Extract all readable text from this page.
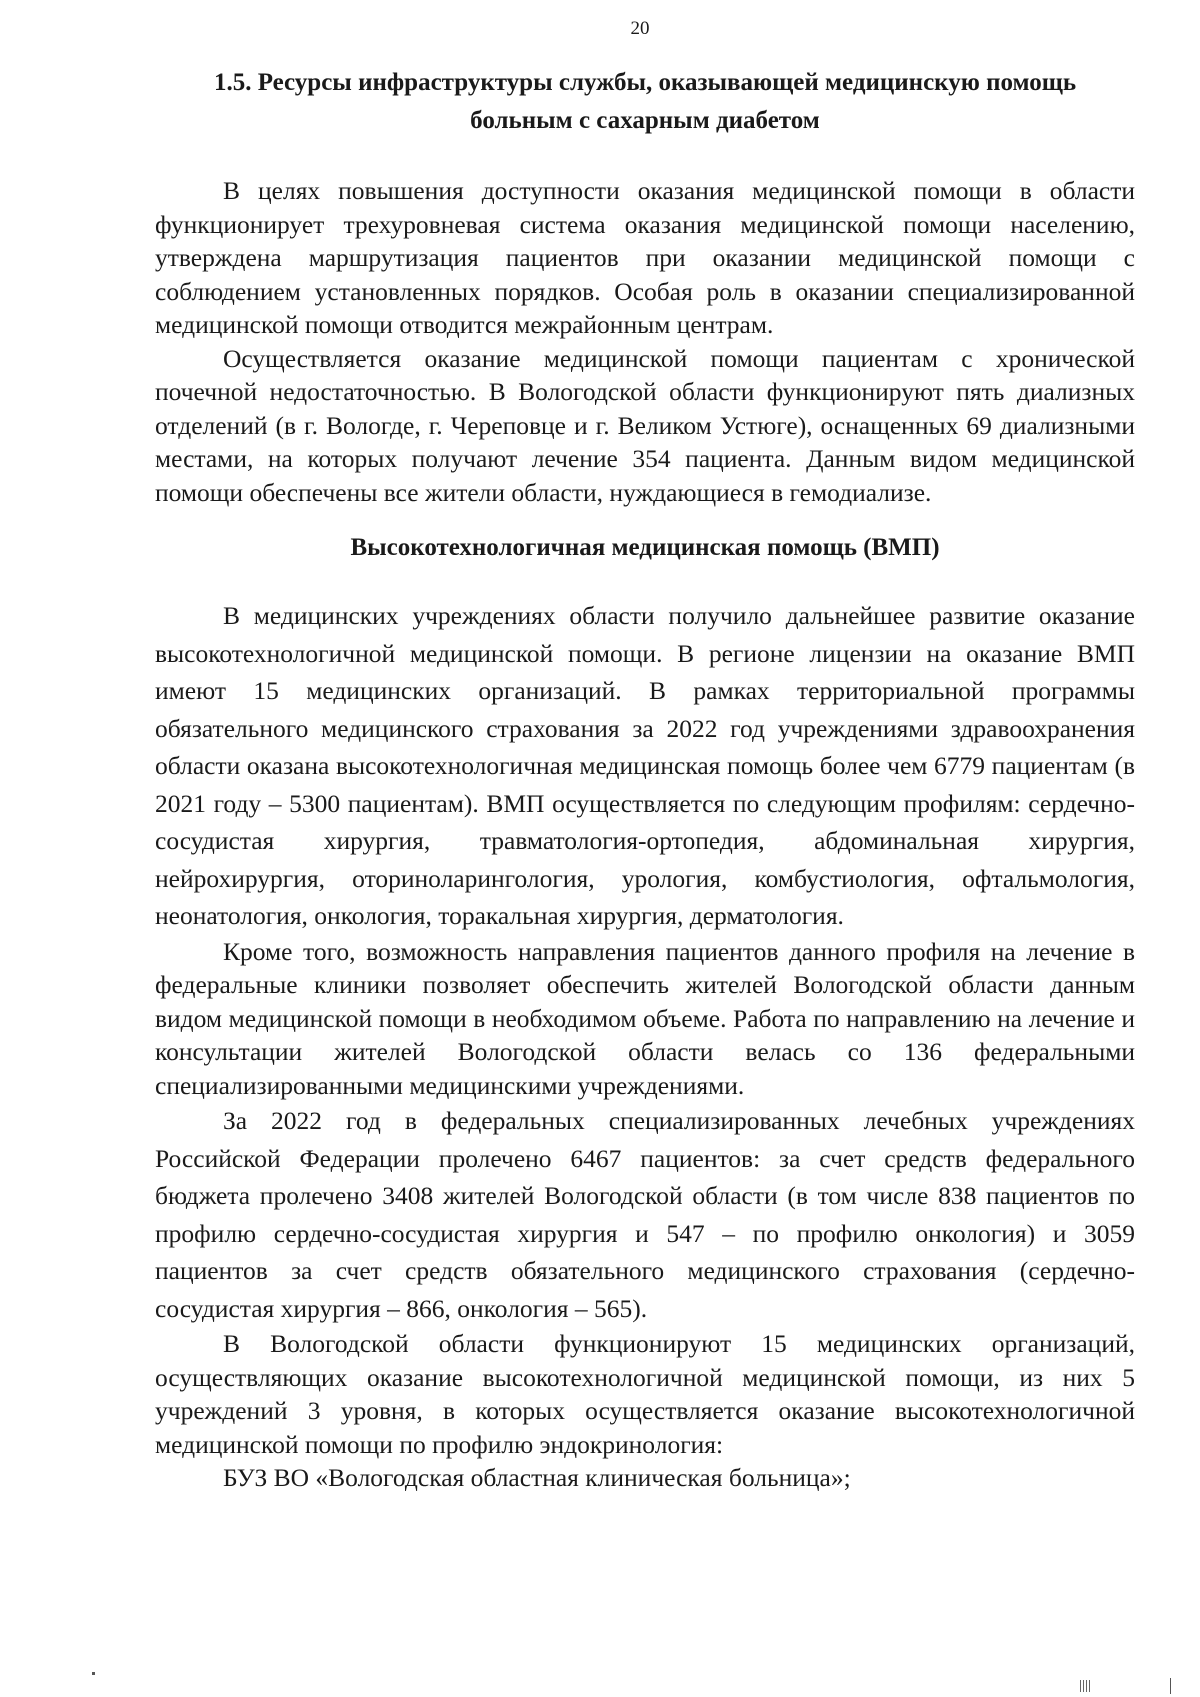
20
1.5. Ресурсы инфраструктуры службы, оказывающей медицинскую помощь
больным с сахарным диабетом

В целях повышения доступности оказания медицинской помощи в области функционирует трехуровневая система оказания медицинской помощи населению, утверждена маршрутизация пациентов при оказании медицинской помощи с соблюдением установленных порядков. Особая роль в оказании специализированной медицинской помощи отводится межрайонным центрам.

Осуществляется оказание медицинской помощи пациентам с хронической почечной недостаточностью. В Вологодской области функционируют пять диализных отделений (в г. Вологде, г. Череповце и г. Великом Устюге), оснащенных 69 диализными местами, на которых получают лечение 354 пациента. Данным видом медицинской помощи обеспечены все жители области, нуждающиеся в гемодиализе.

Высокотехнологичная медицинская помощь (ВМП)

В медицинских учреждениях области получило дальнейшее развитие оказание высокотехнологичной медицинской помощи. В регионе лицензии на оказание ВМП имеют 15 медицинских организаций. В рамках территориальной программы обязательного медицинского страхования за 2022 год учреждениями здравоохранения области оказана высокотехнологичная медицинская помощь более чем 6779 пациентам (в 2021 году – 5300 пациентам). ВМП осуществляется по следующим профилям: сердечно-сосудистая хирургия, травматология-ортопедия, абдоминальная хирургия, нейрохирургия, оториноларингология, урология, комбустиология, офтальмология, неонатология, онкология, торакальная хирургия, дерматология.

Кроме того, возможность направления пациентов данного профиля на лечение в федеральные клиники позволяет обеспечить жителей Вологодской области данным видом медицинской помощи в необходимом объеме. Работа по направлению на лечение и консультации жителей Вологодской области велась со 136 федеральными специализированными медицинскими учреждениями.

За 2022 год в федеральных специализированных лечебных учреждениях Российской Федерации пролечено 6467 пациентов: за счет средств федерального бюджета пролечено 3408 жителей Вологодской области (в том числе 838 пациентов по профилю сердечно-сосудистая хирургия и 547 – по профилю онкология) и 3059 пациентов за счет средств обязательного медицинского страхования (сердечно-сосудистая хирургия – 866, онкология – 565).

В Вологодской области функционируют 15 медицинских организаций, осуществляющих оказание высокотехнологичной медицинской помощи, из них 5 учреждений 3 уровня, в которых осуществляется оказание высокотехнологичной медицинской помощи по профилю эндокринология:

БУЗ ВО «Вологодская областная клиническая больница»;
